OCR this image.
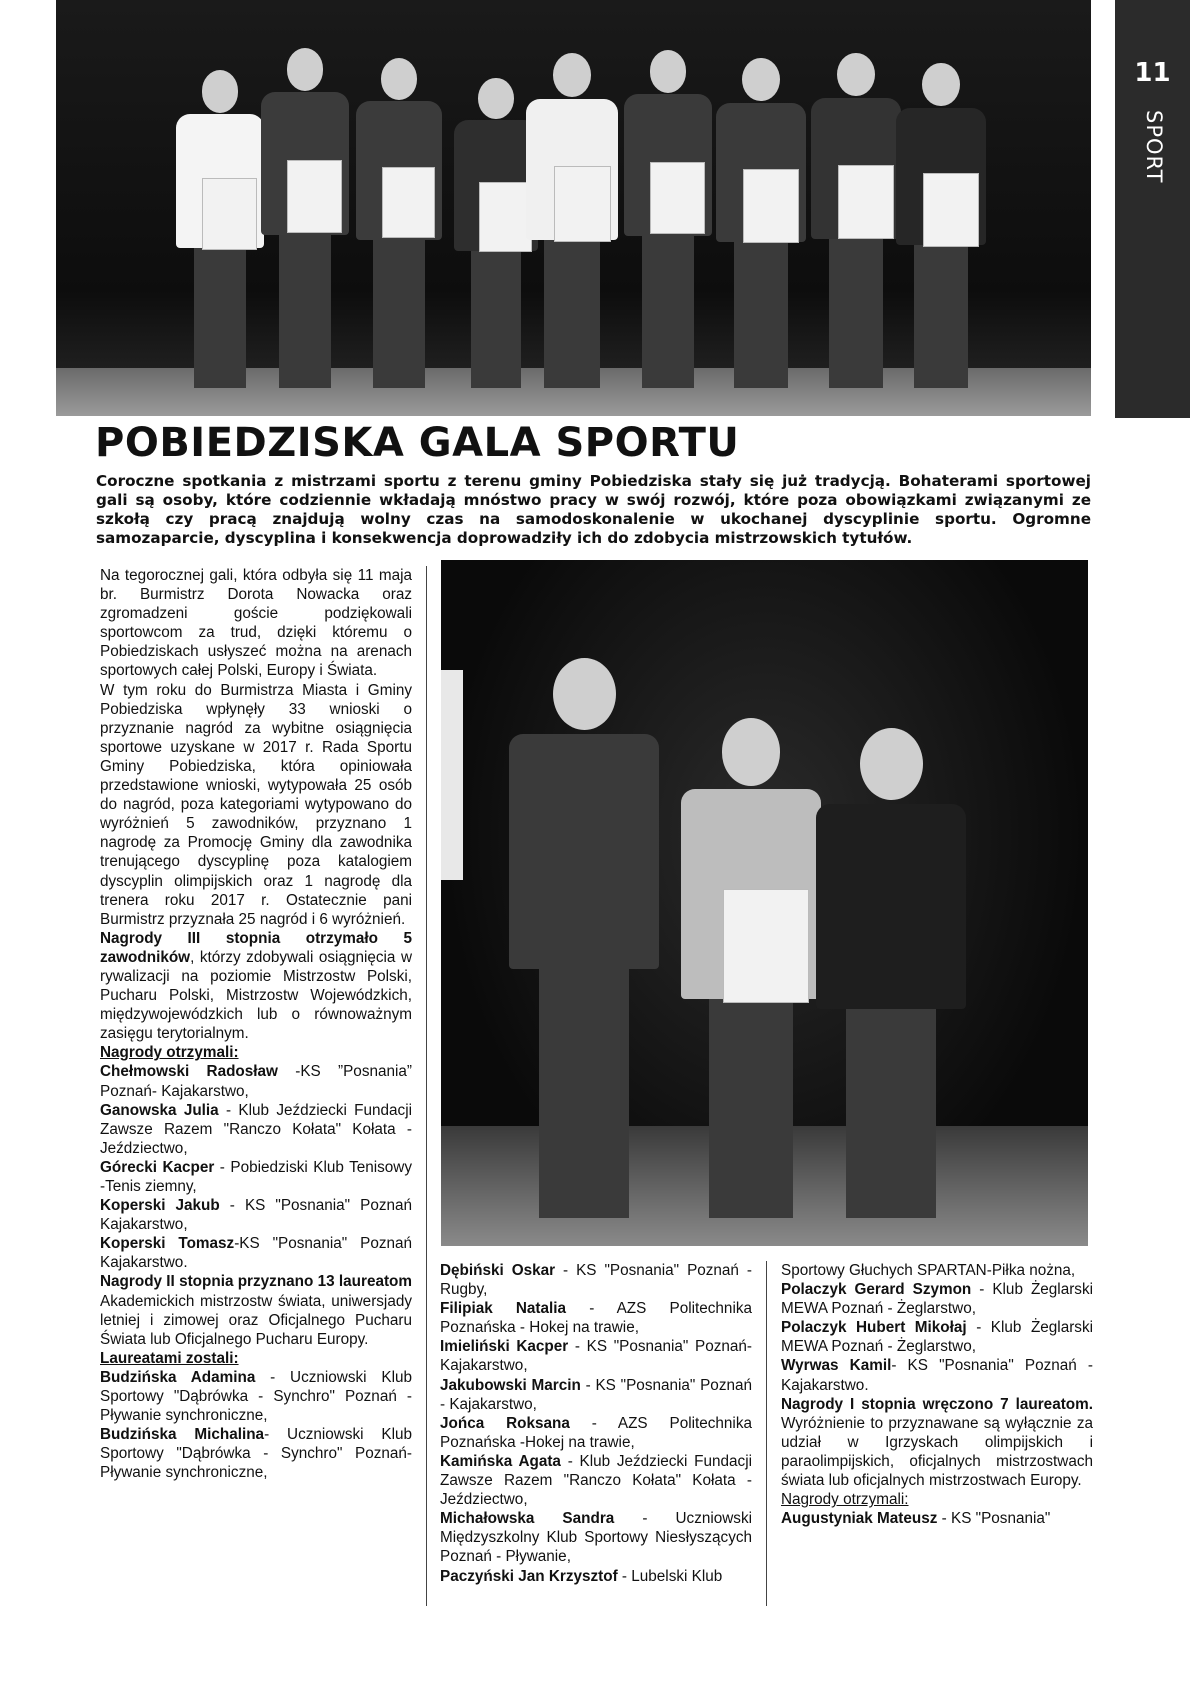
11
SPORT
POBIEDZISKA GALA SPORTU

Coroczne spotkania z mistrzami sportu z terenu gminy Pobiedziska stały się już tradycją. Bohaterami sportowej gali są osoby, które codziennie wkładają mnóstwo pracy w swój rozwój, które poza obowiązkami związanymi ze szkołą czy pracą znajdują wolny czas na samodoskonalenie w ukochanej dyscyplinie sportu. Ogromne samozaparcie, dyscyplina i konsekwencja doprowadziły ich do zdobycia mistrzowskich tytułów.

Na tegorocznej gali, która odbyła się 11 maja br. Burmistrz Dorota Nowacka oraz zgromadzeni goście podziękowali sportowcom za trud, dzięki któremu o Pobiedziskach usłyszeć można na arenach sportowych całej Polski, Europy i Świata.

W tym roku do Burmistrza Miasta i Gminy Pobiedziska wpłynęły 33 wnioski o przyznanie nagród za wybitne osiągnięcia sportowe uzyskane w 2017 r. Rada Sportu Gminy Pobiedziska, która opiniowała przedstawione wnioski, wytypowała 25 osób do nagród, poza kategoriami wytypowano do wyróżnień 5 zawodników, przyznano 1 nagrodę za Promocję Gminy dla zawodnika trenującego dyscyplinę poza katalogiem dyscyplin olimpijskich oraz 1 nagrodę dla trenera roku 2017 r. Ostatecznie pani Burmistrz przyznała 25 nagród i 6 wyróżnień.

Nagrody III stopnia otrzymało 5 zawodników, którzy zdobywali osiągnięcia w rywalizacji na poziomie Mistrzostw Polski, Pucharu Polski, Mistrzostw Wojewódzkich, międzywojewódzkich lub o równoważnym zasięgu terytorialnym.

Nagrody otrzymali:

Chełmowski Radosław -KS ”Posnania” Poznań- Kajakarstwo,

Ganowska Julia - Klub Jeździecki Fundacji Zawsze Razem "Ranczo Kołata" Kołata -Jeździectwo,

Górecki Kacper - Pobiedziski Klub Tenisowy -Tenis ziemny,

Koperski Jakub - KS "Posnania" Poznań Kajakarstwo,

Koperski Tomasz-KS "Posnania" Poznań Kajakarstwo.

Nagrody II stopnia przyznano 13 laureatom Akademickich mistrzostw świata, uniwersjady letniej i zimowej oraz Oficjalnego Pucharu Świata lub Oficjalnego Pucharu Europy.

Laureatami zostali:

Budzińska Adamina - Uczniowski Klub Sportowy "Dąbrówka - Synchro" Poznań - Pływanie synchroniczne,

Budzińska Michalina- Uczniowski Klub Sportowy "Dąbrówka - Synchro" Poznań- Pływanie synchroniczne,

Dębiński Oskar - KS "Posnania" Poznań - Rugby,

Filipiak Natalia - AZS Politechnika Poznańska - Hokej na trawie,

Imieliński Kacper - KS "Posnania" Poznań-Kajakarstwo,

Jakubowski Marcin - KS "Posnania" Poznań - Kajakarstwo,

Jońca Roksana - AZS Politechnika Poznańska -Hokej na trawie,

Kamińska Agata - Klub Jeździecki Fundacji Zawsze Razem "Ranczo Kołata" Kołata -Jeździectwo,

Michałowska Sandra - Uczniowski Międzyszkolny Klub Sportowy Niesłyszących Poznań - Pływanie,

Paczyński Jan Krzysztof - Lubelski Klub

Sportowy Głuchych SPARTAN-Piłka nożna,

Polaczyk Gerard Szymon - Klub Żeglarski MEWA Poznań - Żeglarstwo,

Polaczyk Hubert Mikołaj - Klub Żeglarski MEWA Poznań - Żeglarstwo,

Wyrwas Kamil- KS "Posnania" Poznań - Kajakarstwo.

Nagrody I stopnia wręczono 7 laureatom. Wyróżnienie to przyznawane są wyłącznie za udział w Igrzyskach olimpijskich i paraolimpijskich, oficjalnych mistrzostwach świata lub oficjalnych mistrzostwach Europy.

Nagrody otrzymali:

Augustyniak Mateusz - KS "Posnania"
